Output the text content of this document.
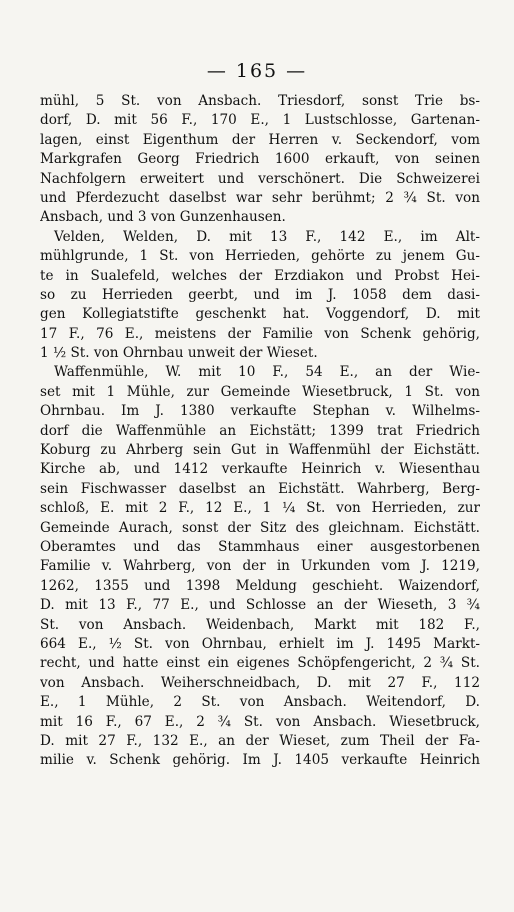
— 165 —
mühl, 5 St. von Ansbach. Triesdorf, sonst Trie bs-
dorf, D. mit 56 F., 170 E., 1 Lustschlosse, Gartenan-
lagen, einst Eigenthum der Herren v. Seckendorf, vom
Markgrafen Georg Friedrich 1600 erkauft, von seinen
Nachfolgern erweitert und verschönert. Die Schweizerei
und Pferdezucht daselbst war sehr berühmt; 2 ¾ St. von
Ansbach, und 3 von Gunzenhausen.
Velden, Welden, D. mit 13 F., 142 E., im Alt-
mühlgrunde, 1 St. von Herrieden, gehörte zu jenem Gu-
te in Sualefeld, welches der Erzdiakon und Probst Hei-
so zu Herrieden geerbt, und im J. 1058 dem dasi-
gen Kollegiatstifte geschenkt hat. Voggendorf, D. mit
17 F., 76 E., meistens der Familie von Schenk gehörig,
1 ½ St. von Ohrnbau unweit der Wieset.
Waffenmühle, W. mit 10 F., 54 E., an der Wie-
set mit 1 Mühle, zur Gemeinde Wiesetbruck, 1 St. von
Ohrnbau. Im J. 1380 verkaufte Stephan v. Wilhelms-
dorf die Waffenmühle an Eichstätt; 1399 trat Friedrich
Koburg zu Ahrberg sein Gut in Waffenmühl der Eichstätt.
Kirche ab, und 1412 verkaufte Heinrich v. Wiesenthau
sein Fischwasser daselbst an Eichstätt. Wahrberg, Berg-
schloß, E. mit 2 F., 12 E., 1 ¼ St. von Herrieden, zur
Gemeinde Aurach, sonst der Sitz des gleichnam. Eichstätt.
Oberamtes und das Stammhaus einer ausgestorbenen
Familie v. Wahrberg, von der in Urkunden vom J. 1219,
1262, 1355 und 1398 Meldung geschieht. Waizendorf,
D. mit 13 F., 77 E., und Schlosse an der Wieseth, 3 ¾
St. von Ansbach. Weidenbach, Markt mit 182 F.,
664 E., ½ St. von Ohrnbau, erhielt im J. 1495 Markt-
recht, und hatte einst ein eigenes Schöpfengericht, 2 ¾ St.
von Ansbach. Weiherschneidbach, D. mit 27 F., 112
E., 1 Mühle, 2 St. von Ansbach. Weitendorf, D.
mit 16 F., 67 E., 2 ¾ St. von Ansbach. Wiesetbruck,
D. mit 27 F., 132 E., an der Wieset, zum Theil der Fa-
milie v. Schenk gehörig. Im J. 1405 verkaufte Heinrich
